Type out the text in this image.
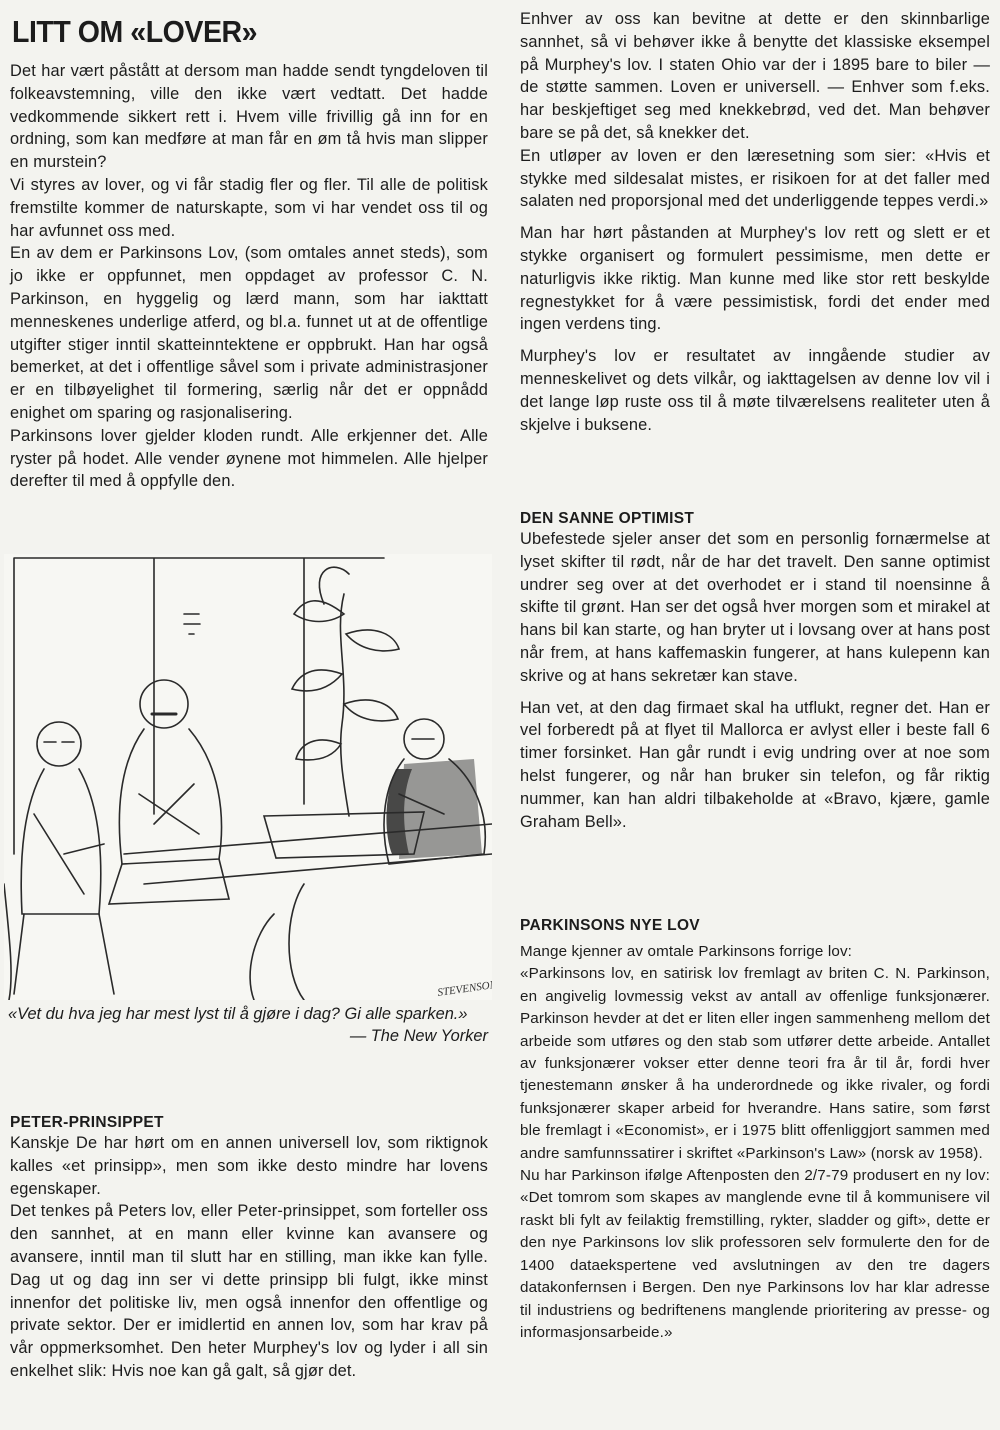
LITT OM «LOVER»

Det har vært påstått at dersom man hadde sendt tyngdeloven til folkeavstemning, ville den ikke vært vedtatt. Det hadde vedkommende sikkert rett i. Hvem ville frivillig gå inn for en ordning, som kan medføre at man får en øm tå hvis man slipper en murstein?

Vi styres av lover, og vi får stadig fler og fler. Til alle de politisk fremstilte kommer de naturskapte, som vi har vendet oss til og har avfunnet oss med.

En av dem er Parkinsons Lov, (som omtales annet steds), som jo ikke er oppfunnet, men oppdaget av professor C. N. Parkinson, en hyggelig og lærd mann, som har iakttatt menneskenes underlige atferd, og bl.a. funnet ut at de offentlige utgifter stiger inntil skatteinntektene er oppbrukt. Han har også bemerket, at det i offentlige såvel som i private administrasjoner er en tilbøyelighet til formering, særlig når det er oppnådd enighet om sparing og rasjonalisering.

Parkinsons lover gjelder kloden rundt. Alle erkjenner det. Alle ryster på hodet. Alle vender øynene mot himmelen. Alle hjelper derefter til med å oppfylle den.

STEVENSON
«Vet du hva jeg har mest lyst til å gjøre i dag? Gi alle sparken.»
— The New Yorker
PETER-PRINSIPPET

Kanskje De har hørt om en annen universell lov, som riktignok kalles «et prinsipp», men som ikke desto mindre har lovens egenskaper.

Det tenkes på Peters lov, eller Peter-prinsippet, som forteller oss den sannhet, at en mann eller kvinne kan avansere og avansere, inntil man til slutt har en stilling, man ikke kan fylle. Dag ut og dag inn ser vi dette prinsipp bli fulgt, ikke minst innenfor det politiske liv, men også innenfor den offentlige og private sektor. Der er imidlertid en annen lov, som har krav på vår oppmerksomhet. Den heter Murphey's lov og lyder i all sin enkelhet slik: Hvis noe kan gå galt, så gjør det.

Enhver av oss kan bevitne at dette er den skinnbarlige sannhet, så vi behøver ikke å benytte det klassiske eksempel på Murphey's lov. I staten Ohio var der i 1895 bare to biler — de støtte sammen. Loven er universell. — Enhver som f.eks. har beskjeftiget seg med knekkebrød, ved det. Man behøver bare se på det, så knekker det.

En utløper av loven er den læresetning som sier: «Hvis et stykke med sildesalat mistes, er risikoen for at det faller med salaten ned proporsjonal med det underliggende teppes verdi.»

Man har hørt påstanden at Murphey's lov rett og slett er et stykke organisert og formulert pessimisme, men dette er naturligvis ikke riktig. Man kunne med like stor rett beskylde regnestykket for å være pessimistisk, fordi det ender med ingen verdens ting.

Murphey's lov er resultatet av inngående studier av menneskelivet og dets vilkår, og iakttagelsen av denne lov vil i det lange løp ruste oss til å møte tilværelsens realiteter uten å skjelve i buksene.

DEN SANNE OPTIMIST

Ubefestede sjeler anser det som en personlig fornærmelse at lyset skifter til rødt, når de har det travelt. Den sanne optimist undrer seg over at det overhodet er i stand til noensinne å skifte til grønt. Han ser det også hver morgen som et mirakel at hans bil kan starte, og han bryter ut i lovsang over at hans post når frem, at hans kaffemaskin fungerer, at hans kulepenn kan skrive og at hans sekretær kan stave.

Han vet, at den dag firmaet skal ha utflukt, regner det. Han er vel forberedt på at flyet til Mallorca er avlyst eller i beste fall 6 timer forsinket. Han går rundt i evig undring over at noe som helst fungerer, og når han bruker sin telefon, og får riktig nummer, kan han aldri tilbakeholde at «Bravo, kjære, gamle Graham Bell».

PARKINSONS NYE LOV

Mange kjenner av omtale Parkinsons forrige lov:

«Parkinsons lov, en satirisk lov fremlagt av briten C. N. Parkinson, en angivelig lovmessig vekst av antall av offenlige funksjonærer. Parkinson hevder at det er liten eller ingen sammenheng mellom det arbeide som utføres og den stab som utfører dette arbeide. Antallet av funksjonærer vokser etter denne teori fra år til år, fordi hver tjenestemann ønsker å ha underordnede og ikke rivaler, og fordi funksjonærer skaper arbeid for hverandre. Hans satire, som først ble fremlagt i «Economist», er i 1975 blitt offenliggjort sammen med andre samfunnssatirer i skriftet «Parkinson's Law» (norsk av 1958).

Nu har Parkinson ifølge Aftenposten den 2/7-79 produsert en ny lov: «Det tomrom som skapes av manglende evne til å kommunisere vil raskt bli fylt av feilaktig fremstilling, rykter, sladder og gift», dette er den nye Parkinsons lov slik professoren selv formulerte den for de 1400 dataekspertene ved avslutningen av den tre dagers datakonfernsen i Bergen. Den nye Parkinsons lov har klar adresse til industriens og bedriftenens manglende prioritering av presse- og informasjonsarbeide.»
